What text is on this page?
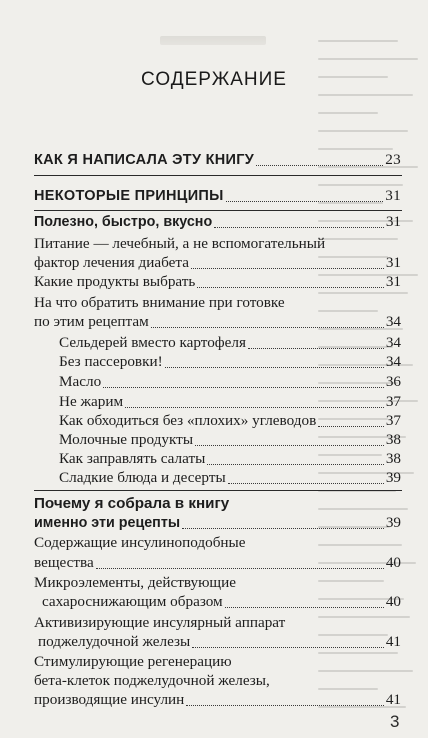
СОДЕРЖАНИЕ
КАК Я НАПИСАЛА ЭТУ КНИГУ	23
НЕКОТОРЫЕ ПРИНЦИПЫ	31
Полезно, быстро, вкусно	31
Питание — лечебный, а не вспомогательный
фактор лечения диабета	31
Какие продукты выбрать	31
На что обратить внимание при готовке
по этим рецептам	34
Сельдерей вместо картофеля	34
Без пассеровки!	34
Масло	36
Не жарим	37
Как обходиться без «плохих» углеводов	37
Молочные продукты	38
Как заправлять салаты	38
Сладкие блюда и десерты	39
Почему я собрала в книгу
именно эти рецепты	39
Содержащие инсулиноподобные
вещества	40
Микроэлементы, действующие
сахароснижающим образом	40
Активизирующие инсулярный аппарат
поджелудочной железы	41
Стимулирующие регенерацию
бета-клеток поджелудочной железы,
производящие инсулин	41
3
